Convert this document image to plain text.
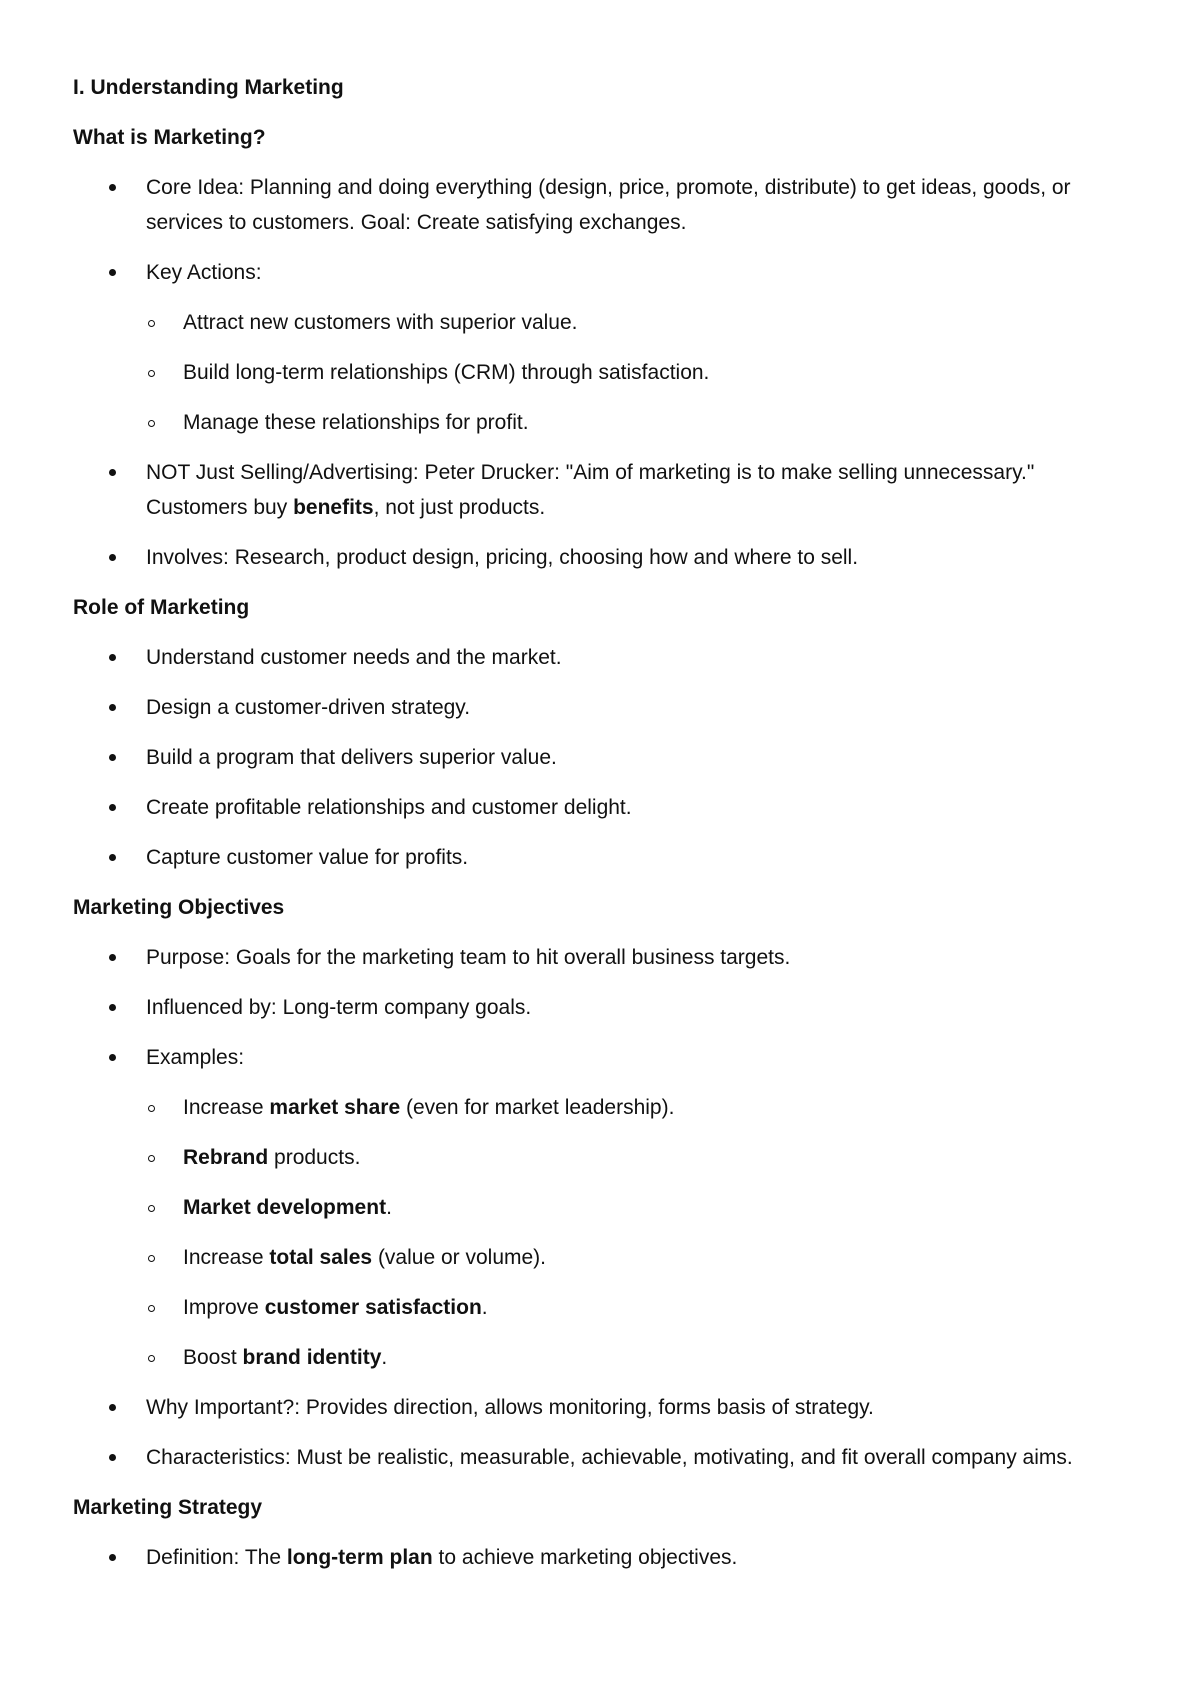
I. Understanding Marketing
What is Marketing?
Core Idea: Planning and doing everything (design, price, promote, distribute) to get ideas, goods, or
services to customers. Goal: Create satisfying exchanges.
Key Actions:
Attract new customers with superior value.
Build long-term relationships (CRM) through satisfaction.
Manage these relationships for profit.
NOT Just Selling/Advertising: Peter Drucker: "Aim of marketing is to make selling unnecessary."
Customers buy benefits, not just products.
Involves: Research, product design, pricing, choosing how and where to sell.
Role of Marketing
Understand customer needs and the market.
Design a customer-driven strategy.
Build a program that delivers superior value.
Create profitable relationships and customer delight.
Capture customer value for profits.
Marketing Objectives
Purpose: Goals for the marketing team to hit overall business targets.
Influenced by: Long-term company goals.
Examples:
Increase market share (even for market leadership).
Rebrand products.
Market development.
Increase total sales (value or volume).
Improve customer satisfaction.
Boost brand identity.
Why Important?: Provides direction, allows monitoring, forms basis of strategy.
Characteristics: Must be realistic, measurable, achievable, motivating, and fit overall company aims.
Marketing Strategy
Definition: The long-term plan to achieve marketing objectives.
